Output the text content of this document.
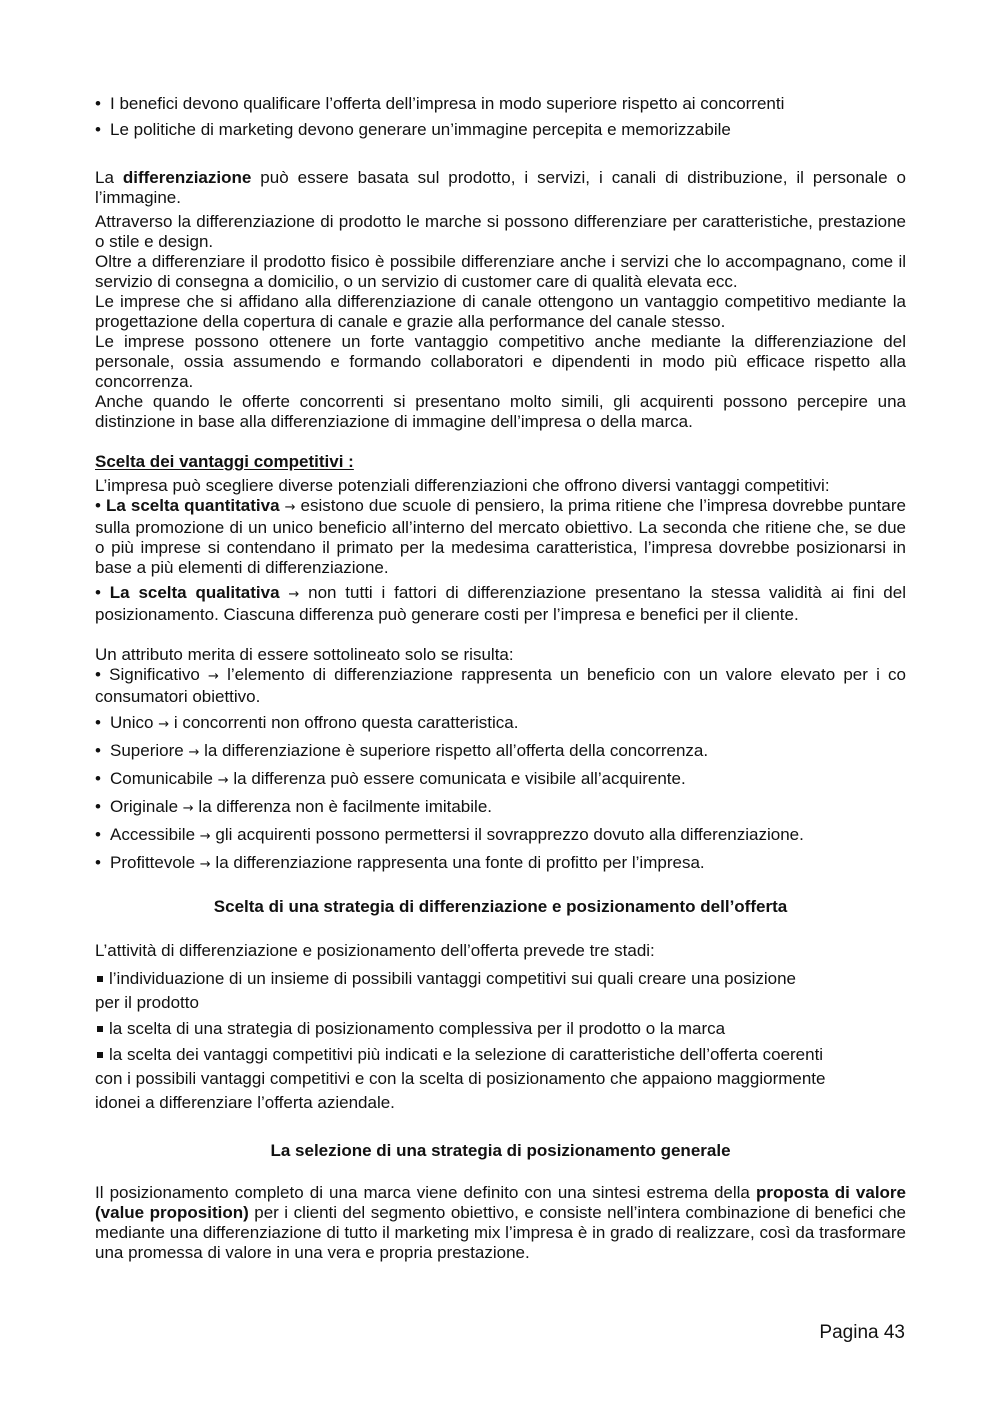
• I benefici devono qualificare l’offerta dell’impresa in modo superiore rispetto ai concorrenti
• Le politiche di marketing devono generare un’immagine percepita e memorizzabile

La differenziazione può essere basata sul prodotto, i servizi, i canali di distribuzione, il personale o l’immagine.

Attraverso la differenziazione di prodotto le marche si possono differenziare per caratteristiche, prestazione o stile e design.

Oltre a differenziare il prodotto fisico è possibile differenziare anche i servizi che lo accompagnano, come il servizio di consegna a domicilio, o un servizio di customer care di qualità elevata ecc.

Le imprese che si affidano alla differenziazione di canale ottengono un vantaggio competitivo mediante la progettazione della copertura di canale e grazie alla performance del canale stesso.

Le imprese possono ottenere un forte vantaggio competitivo anche mediante la differenziazione del personale, ossia assumendo e formando collaboratori e dipendenti in modo più efficace rispetto alla concorrenza.

Anche quando le offerte concorrenti si presentano molto simili, gli acquirenti possono percepire una distinzione in base alla differenziazione di immagine dell’impresa o della marca.

Scelta dei vantaggi competitivi :

L’impresa può scegliere diverse potenziali differenziazioni che offrono diversi vantaggi competitivi:

• La scelta quantitativa → esistono due scuole di pensiero, la prima ritiene che l’impresa dovrebbe puntare sulla promozione di un unico beneficio all’interno del mercato obiettivo. La seconda che ritiene che, se due o più imprese si contendano il primato per la medesima caratteristica, l’impresa dovrebbe posizionarsi in base a più elementi di differenziazione.

• La scelta qualitativa → non tutti i fattori di differenziazione presentano la stessa validità ai fini del posizionamento. Ciascuna differenza può generare costi per l’impresa e benefici per il cliente.

Un attributo merita di essere sottolineato solo se risulta:

• Significativo → l’elemento di differenziazione rappresenta un beneficio con un valore elevato per i co consumatori obiettivo.

• Unico → i concorrenti non offrono questa caratteristica.
• Superiore → la differenziazione è superiore rispetto all’offerta della concorrenza.
• Comunicabile → la differenza può essere comunicata e visibile all’acquirente.
• Originale → la differenza non è facilmente imitabile.
• Accessibile → gli acquirenti possono permettersi il sovrapprezzo dovuto alla differenziazione.
• Profittevole → la differenziazione rappresenta una fonte di profitto per l’impresa.

Scelta di una strategia di differenziazione e posizionamento dell’offerta

L’attività di differenziazione e posizionamento dell’offerta prevede tre stadi:

l’individuazione di un insieme di possibili vantaggi competitivi sui quali creare una posizione
per il prodotto

la scelta di una strategia di posizionamento complessiva per il prodotto o la marca

la scelta dei vantaggi competitivi più indicati e la selezione di caratteristiche dell’offerta coerenti con i possibili vantaggi competitivi e con la scelta di posizionamento che appaiono maggiormente idonei a differenziare l’offerta aziendale.

La selezione di una strategia di posizionamento generale

Il posizionamento completo di una marca viene definito con una sintesi estrema della proposta di valore (value proposition) per i clienti del segmento obiettivo, e consiste nell’intera combinazione di benefici che mediante una differenziazione di tutto il marketing mix l’impresa è in grado di realizzare, così da trasformare una promessa di valore in una vera e propria prestazione.

Pagina 43
